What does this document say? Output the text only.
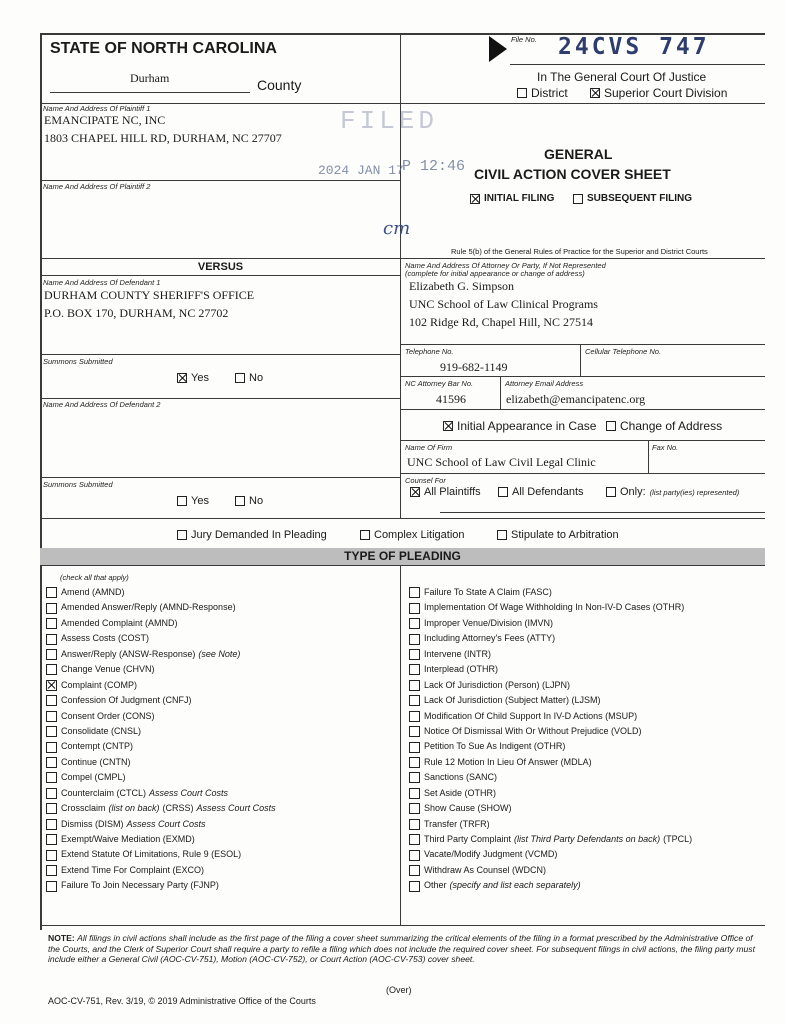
STATE OF NORTH CAROLINA
Durham	County
File No. 24CVS 747
In The General Court Of Justice
District	Superior Court Division
FILED
2024 JAN 17
P 12:46
cm
Name And Address Of Plaintiff 1
EMANCIPATE NC, INC
1803 CHAPEL HILL RD, DURHAM, NC 27707
Name And Address Of Plaintiff 2
GENERAL
CIVIL ACTION COVER SHEET
INITIAL FILING	SUBSEQUENT FILING
Rule 5(b) of the General Rules of Practice for the Superior and District Courts
VERSUS
Name And Address Of Defendant 1
DURHAM COUNTY SHERIFF'S OFFICE
P.O. BOX 170, DURHAM, NC 27702
Summons Submitted
Yes	No
Name And Address Of Defendant 2
Summons Submitted
Yes	No
Name And Address Of Attorney Or Party, If Not Represented
(complete for initial appearance or change of address)
Elizabeth G. Simpson
UNC School of Law Clinical Programs
102 Ridge Rd, Chapel Hill, NC 27514
Telephone No.
919-682-1149
Cellular Telephone No.
NC Attorney Bar No.
41596
Attorney Email Address
elizabeth@emancipatenc.org
Initial Appearance in Case Change of Address
Name Of Firm
UNC School of Law Civil Legal Clinic
Fax No.
Counsel For
All Plaintiffs	All Defendants	Only: (list party(ies) represented)
Jury Demanded In Pleading	Complex Litigation	Stipulate to Arbitration
TYPE OF PLEADING
(check all that apply)
Amend (AMND)
Amended Answer/Reply (AMND-Response)
Amended Complaint (AMND)
Assess Costs (COST)
Answer/Reply (ANSW-Response) (see Note)
Change Venue (CHVN)
Complaint (COMP)
Confession Of Judgment (CNFJ)
Consent Order (CONS)
Consolidate (CNSL)
Contempt (CNTP)
Continue (CNTN)
Compel (CMPL)
Counterclaim (CTCL) Assess Court Costs
Crossclaim (list on back) (CRSS) Assess Court Costs
Dismiss (DISM) Assess Court Costs
Exempt/Waive Mediation (EXMD)
Extend Statute Of Limitations, Rule 9 (ESOL)
Extend Time For Complaint (EXCO)
Failure To Join Necessary Party (FJNP)
Failure To State A Claim (FASC)
Implementation Of Wage Withholding In Non-IV-D Cases (OTHR)
Improper Venue/Division (IMVN)
Including Attorney's Fees (ATTY)
Intervene (INTR)
Interplead (OTHR)
Lack Of Jurisdiction (Person) (LJPN)
Lack Of Jurisdiction (Subject Matter) (LJSM)
Modification Of Child Support In IV-D Actions (MSUP)
Notice Of Dismissal With Or Without Prejudice (VOLD)
Petition To Sue As Indigent (OTHR)
Rule 12 Motion In Lieu Of Answer (MDLA)
Sanctions (SANC)
Set Aside (OTHR)
Show Cause (SHOW)
Transfer (TRFR)
Third Party Complaint (list Third Party Defendants on back) (TPCL)
Vacate/Modify Judgment (VCMD)
Withdraw As Counsel (WDCN)
Other (specify and list each separately)
NOTE: All filings in civil actions shall include as the first page of the filing a cover sheet summarizing the critical elements of the filing in a format prescribed by the Administrative Office of the Courts, and the Clerk of Superior Court shall require a party to refile a filing which does not include the required cover sheet. For subsequent filings in civil actions, the filing party must include either a General Civil (AOC-CV-751), Motion (AOC-CV-752), or Court Action (AOC-CV-753) cover sheet.
(Over)
AOC-CV-751, Rev. 3/19, © 2019 Administrative Office of the Courts
